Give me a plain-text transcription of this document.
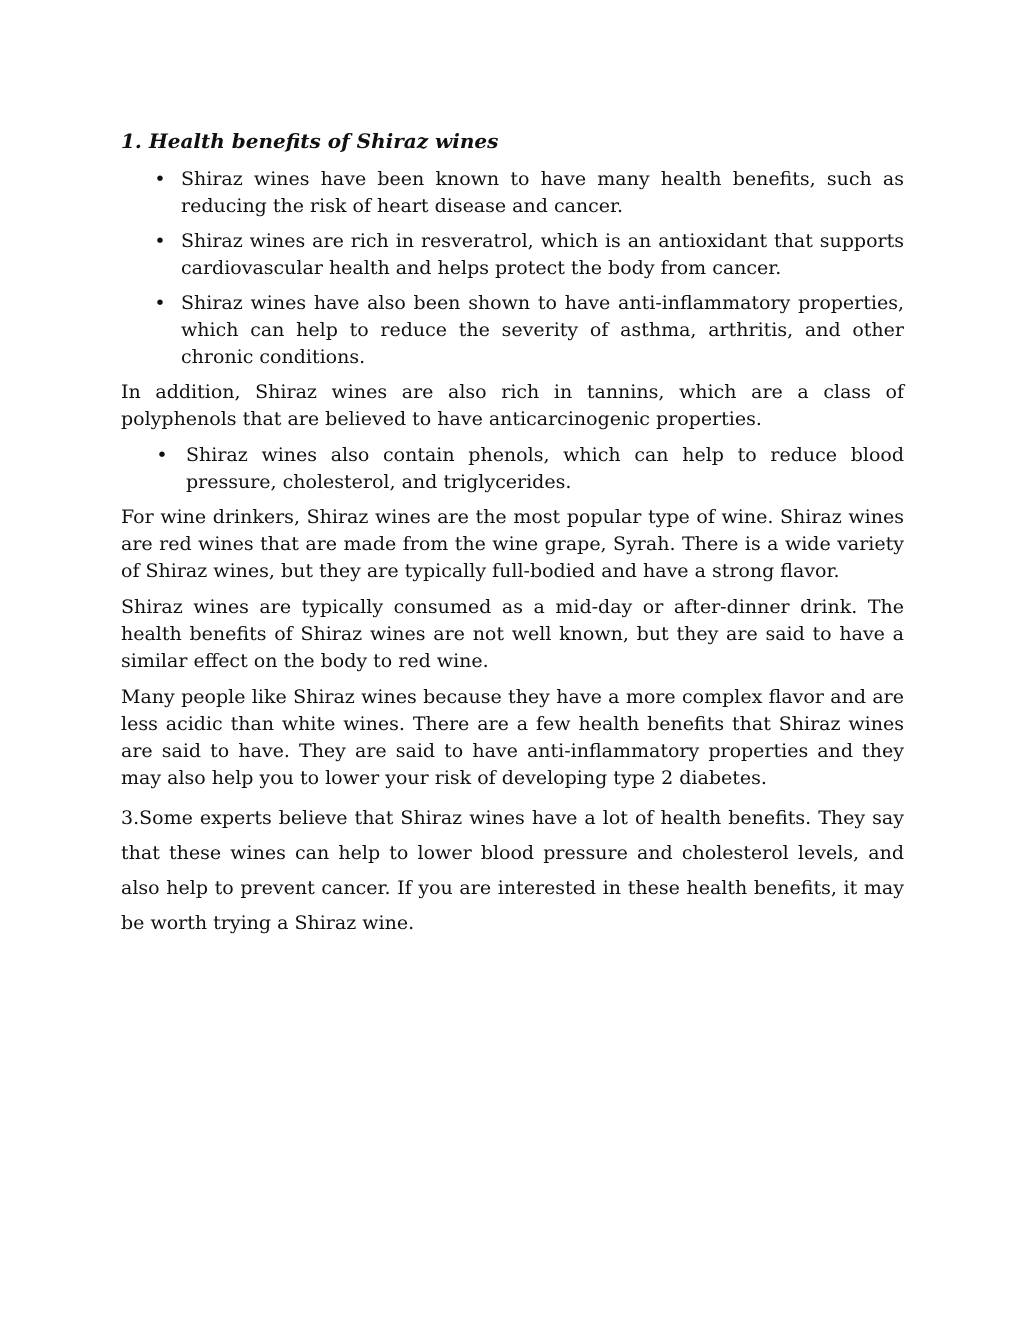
1. Health benefits of Shiraz wines
• Shiraz wines have been known to have many health benefits, such as reducing the risk of heart disease and cancer.
• Shiraz wines are rich in resveratrol, which is an antioxidant that supports cardiovascular health and helps protect the body from cancer.
• Shiraz wines have also been shown to have anti-inflammatory properties, which can help to reduce the severity of asthma, arthritis, and other chronic conditions.

In addition, Shiraz wines are also rich in tannins, which are a class of polyphenols that are believed to have anticarcinogenic properties.

• Shiraz wines also contain phenols, which can help to reduce blood pressure, cholesterol, and triglycerides.

For wine drinkers, Shiraz wines are the most popular type of wine. Shiraz wines are red wines that are made from the wine grape, Syrah. There is a wide variety of Shiraz wines, but they are typically full-bodied and have a strong flavor.

Shiraz wines are typically consumed as a mid-day or after-dinner drink. The health benefits of Shiraz wines are not well known, but they are said to have a similar effect on the body to red wine.

Many people like Shiraz wines because they have a more complex flavor and are less acidic than white wines. There are a few health benefits that Shiraz wines are said to have. They are said to have anti-inflammatory properties and they may also help you to lower your risk of developing type 2 diabetes.

3.Some experts believe that Shiraz wines have a lot of health benefits. They say that these wines can help to lower blood pressure and cholesterol levels, and also help to prevent cancer. If you are interested in these health benefits, it may be worth trying a Shiraz wine.
